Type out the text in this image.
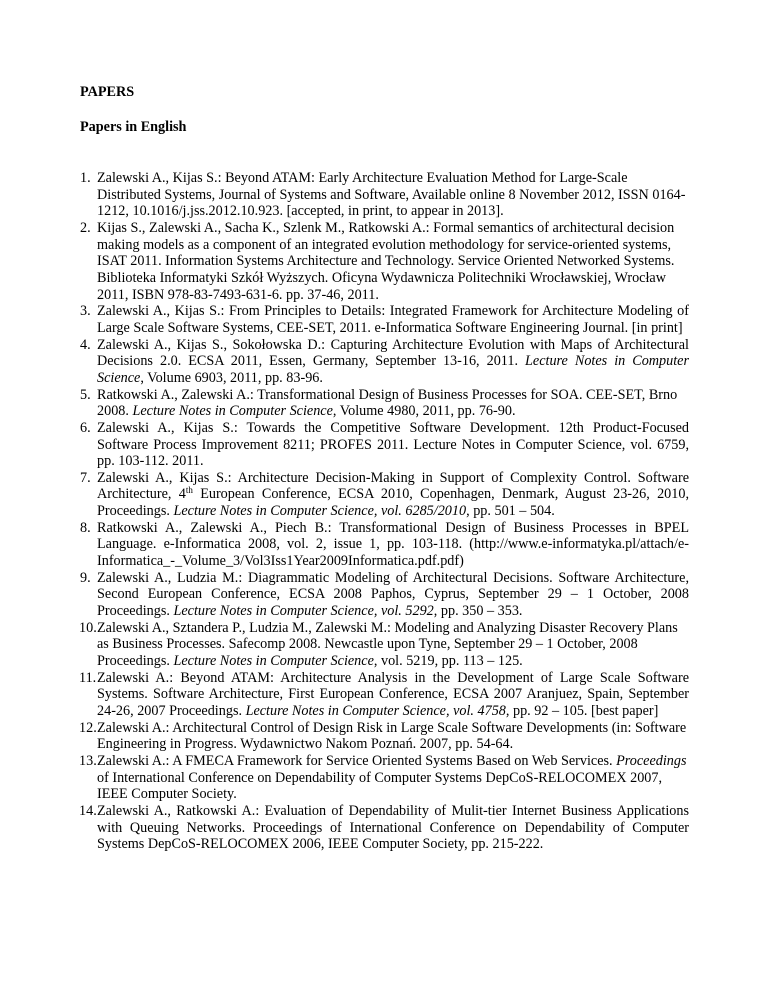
PAPERS
Papers in English
1. Zalewski A., Kijas S.: Beyond ATAM: Early Architecture Evaluation Method for Large-Scale Distributed Systems, Journal of Systems and Software, Available online 8 November 2012, ISSN 0164-1212, 10.1016/j.jss.2012.10.923. [accepted, in print, to appear in 2013].
2. Kijas S., Zalewski A., Sacha K., Szlenk M., Ratkowski A.: Formal semantics of architectural decision making models as a component of an integrated evolution methodology for service-oriented systems, ISAT 2011. Information Systems Architecture and Technology. Service Oriented Networked Systems. Biblioteka Informatyki Szkół Wyższych. Oficyna Wydawnicza Politechniki Wrocławskiej, Wrocław 2011, ISBN 978-83-7493-631-6. pp. 37-46, 2011.
3. Zalewski A., Kijas S.: From Principles to Details: Integrated Framework for Architecture Modeling of Large Scale Software Systems, CEE-SET, 2011. e-Informatica Software Engineering Journal. [in print]
4. Zalewski A., Kijas S., Sokołowska D.: Capturing Architecture Evolution with Maps of Architectural Decisions 2.0. ECSA 2011, Essen, Germany, September 13-16, 2011. Lecture Notes in Computer Science, Volume 6903, 2011, pp. 83-96.
5. Ratkowski A., Zalewski A.: Transformational Design of Business Processes for SOA. CEE-SET, Brno 2008. Lecture Notes in Computer Science, Volume 4980, 2011, pp. 76-90.
6. Zalewski A., Kijas S.: Towards the Competitive Software Development. 12th Product-Focused Software Process Improvement 8211; PROFES 2011. Lecture Notes in Computer Science, vol. 6759, pp. 103-112. 2011.
7. Zalewski A., Kijas S.: Architecture Decision-Making in Support of Complexity Control. Software Architecture, 4th European Conference, ECSA 2010, Copenhagen, Denmark, August 23-26, 2010, Proceedings. Lecture Notes in Computer Science, vol. 6285/2010, pp. 501 – 504.
8. Ratkowski A., Zalewski A., Piech B.: Transformational Design of Business Processes in BPEL Language. e-Informatica 2008, vol. 2, issue 1, pp. 103-118. (http://www.e-informatyka.pl/attach/e-Informatica_-_Volume_3/Vol3Iss1Year2009Informatica.pdf.pdf)
9. Zalewski A., Ludzia M.: Diagrammatic Modeling of Architectural Decisions. Software Architecture, Second European Conference, ECSA 2008 Paphos, Cyprus, September 29 – 1 October, 2008 Proceedings. Lecture Notes in Computer Science, vol. 5292, pp. 350 – 353.
10. Zalewski A., Sztandera P., Ludzia M., Zalewski M.: Modeling and Analyzing Disaster Recovery Plans as Business Processes. Safecomp 2008. Newcastle upon Tyne, September 29 – 1 October, 2008 Proceedings. Lecture Notes in Computer Science, vol. 5219, pp. 113 – 125.
11. Zalewski A.: Beyond ATAM: Architecture Analysis in the Development of Large Scale Software Systems. Software Architecture, First European Conference, ECSA 2007 Aranjuez, Spain, September 24-26, 2007 Proceedings. Lecture Notes in Computer Science, vol. 4758, pp. 92 – 105. [best paper]
12. Zalewski A.: Architectural Control of Design Risk in Large Scale Software Developments (in: Software Engineering in Progress. Wydawnictwo Nakom Poznań. 2007, pp. 54-64.
13. Zalewski A.: A FMECA Framework for Service Oriented Systems Based on Web Services. Proceedings of International Conference on Dependability of Computer Systems DepCoS-RELOCOMEX 2007, IEEE Computer Society.
14. Zalewski A., Ratkowski A.: Evaluation of Dependability of Mulit-tier Internet Business Applications with Queuing Networks. Proceedings of International Conference on Dependability of Computer Systems DepCoS-RELOCOMEX 2006, IEEE Computer Society, pp. 215-222.
